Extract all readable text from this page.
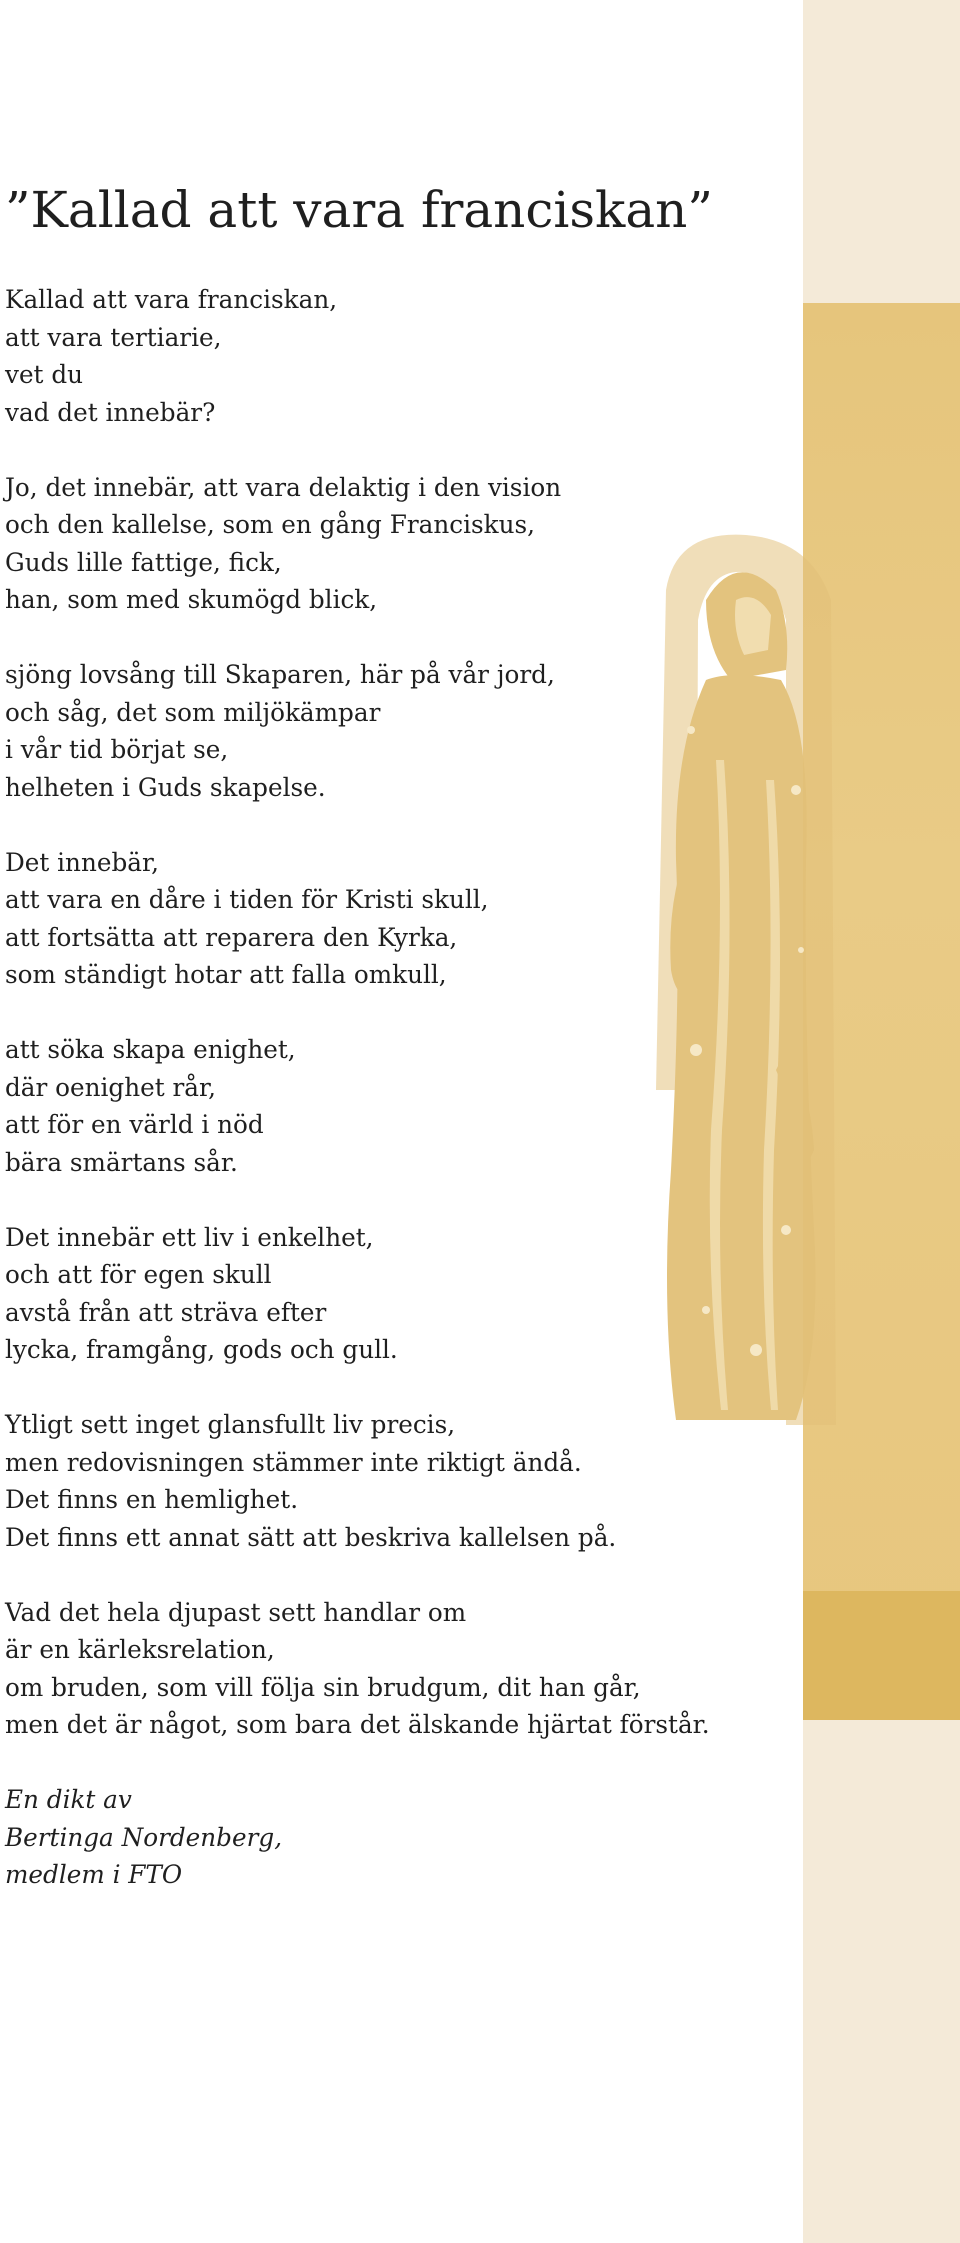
”Kallad att vara franciskan”

Kallad att vara franciskan,
att vara tertiarie,
vet du
vad det innebär?

Jo, det innebär, att vara delaktig i den vision
och den kallelse, som en gång Franciskus,
Guds lille fattige, fick,
han, som med skumögd blick,

sjöng lovsång till Skaparen, här på vår jord,
och såg, det som miljökämpar
i vår tid börjat se,
helheten i Guds skapelse.

Det innebär,
att vara en dåre i tiden för Kristi skull,
att fortsätta att reparera den Kyrka,
som ständigt hotar att falla omkull,

att söka skapa enighet,
där oenighet rår,
att för en värld i nöd
bära smärtans sår.

Det innebär ett liv i enkelhet,
och att för egen skull
avstå från att sträva efter
lycka, framgång, gods och gull.

Ytligt sett inget glansfullt liv precis,
men redovisningen stämmer inte riktigt ändå.
Det finns en hemlighet.
Det finns ett annat sätt att beskriva kallelsen på.

Vad det hela djupast sett handlar om
är en kärleksrelation,
om bruden, som vill följa sin brudgum, dit han går,
men det är något, som bara det älskande hjärtat förstår.

En dikt av
Bertinga Nordenberg,
medlem i FTO
